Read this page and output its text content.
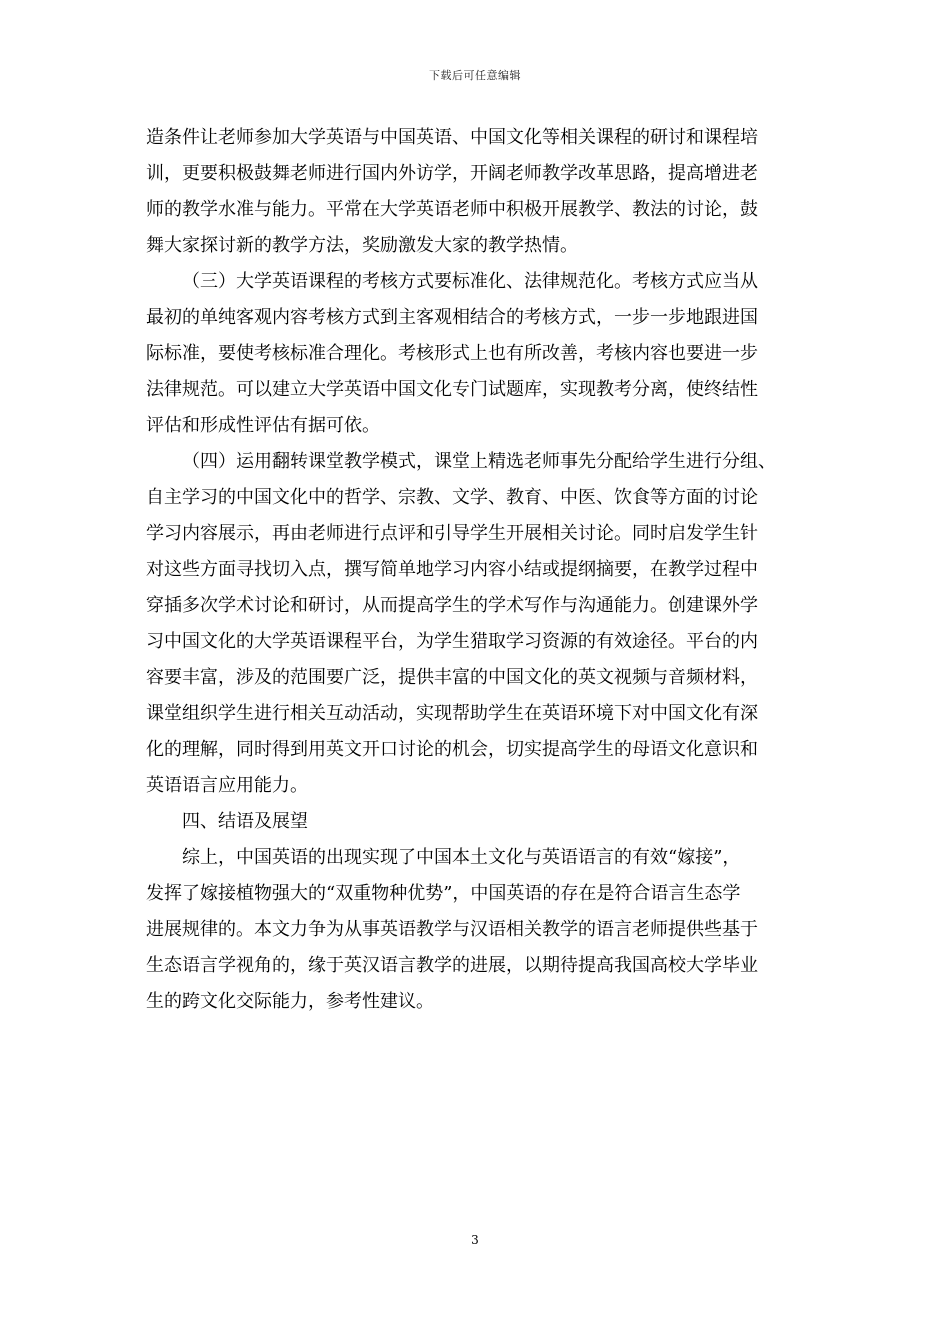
下载后可任意编辑
造条件让老师参加大学英语与中国英语、中国文化等相关课程的研讨和课程培
训，更要积极鼓舞老师进行国内外访学，开阔老师教学改革思路，提高增进老
师的教学水准与能力。平常在大学英语老师中积极开展教学、教法的讨论，鼓
舞大家探讨新的教学方法，奖励激发大家的教学热情。
（三）大学英语课程的考核方式要标准化、法律规范化。考核方式应当从
最初的单纯客观内容考核方式到主客观相结合的考核方式，一步一步地跟进国
际标准，要使考核标准合理化。考核形式上也有所改善，考核内容也要进一步
法律规范。可以建立大学英语中国文化专门试题库，实现教考分离，使终结性
评估和形成性评估有据可依。
（四）运用翻转课堂教学模式，课堂上精选老师事先分配给学生进行分组、
自主学习的中国文化中的哲学、宗教、文学、教育、中医、饮食等方面的讨论
学习内容展示，再由老师进行点评和引导学生开展相关讨论。同时启发学生针
对这些方面寻找切入点，撰写简单地学习内容小结或提纲摘要，在教学过程中
穿插多次学术讨论和研讨，从而提高学生的学术写作与沟通能力。创建课外学
习中国文化的大学英语课程平台，为学生猎取学习资源的有效途径。平台的内
容要丰富，涉及的范围要广泛，提供丰富的中国文化的英文视频与音频材料，
课堂组织学生进行相关互动活动，实现帮助学生在英语环境下对中国文化有深
化的理解，同时得到用英文开口讨论的机会，切实提高学生的母语文化意识和
英语语言应用能力。
四、结语及展望
综上，中国英语的出现实现了中国本土文化与英语语言的有效“嫁接”，
发挥了嫁接植物强大的“双重物种优势”，中国英语的存在是符合语言生态学
进展规律的。本文力争为从事英语教学与汉语相关教学的语言老师提供些基于
生态语言学视角的，缘于英汉语言教学的进展，以期待提高我国高校大学毕业
生的跨文化交际能力，参考性建议。
3
